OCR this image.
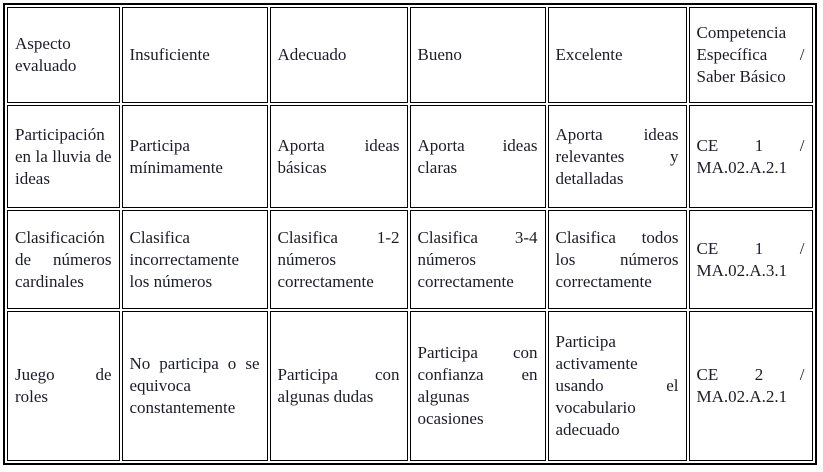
Aspecto evaluado	Insuficiente	Adecuado	Bueno	Excelente	Competencia Específica / Saber Básico
Participación en la lluvia de ideas	Participa mínimamente	Aporta ideas básicas	Aporta ideas claras	Aporta ideas relevantes y detalladas	CE 1 / MA.02.A.2.1
Clasificación de números cardinales	Clasifica incorrectamente los números	Clasifica 1-2 números correctamente	Clasifica 3-4 números correctamente	Clasifica todos los números correctamente	CE 1 / MA.02.A.3.1
Juego de roles	No participa o se equivoca constantemente	Participa con algunas dudas	Participa con confianza en algunas ocasiones	Participa activamente usando el vocabulario adecuado	CE 2 / MA.02.A.2.1
